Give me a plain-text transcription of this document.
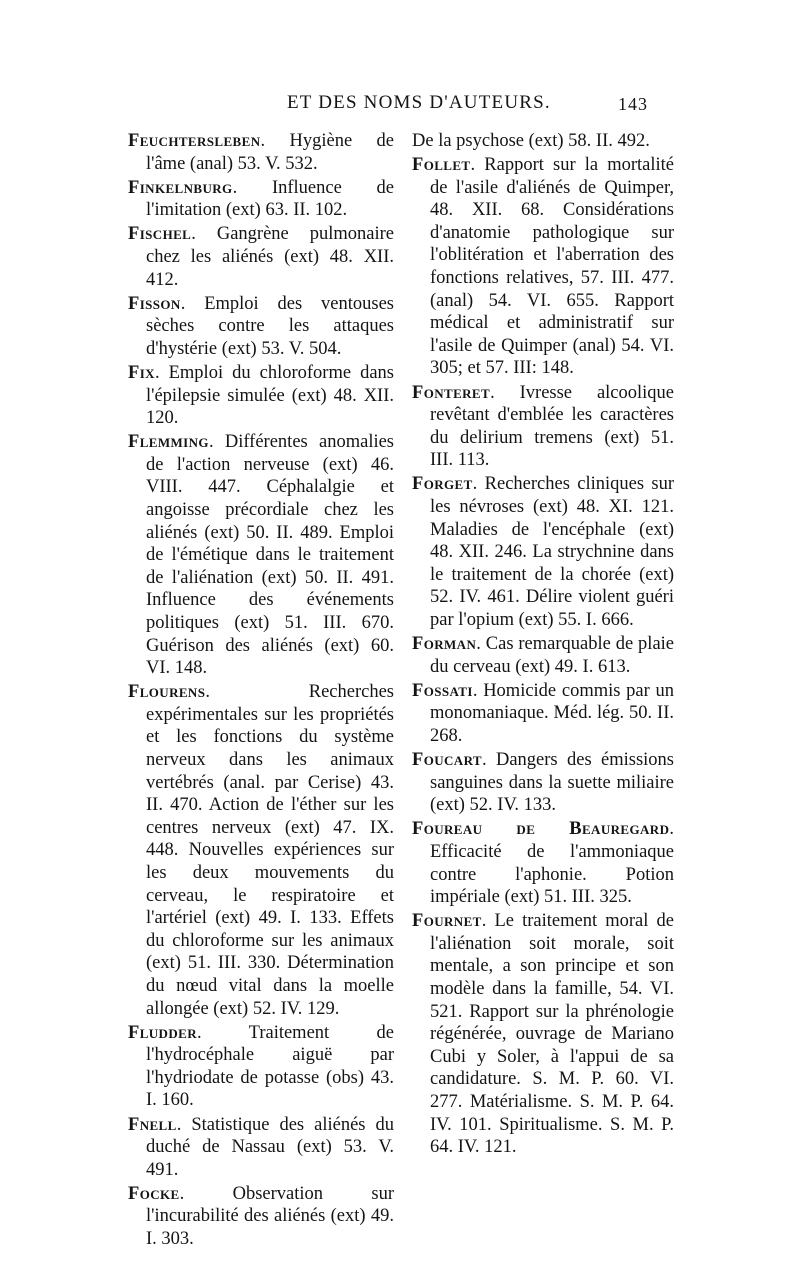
ET DES NOMS D'AUTEURS.	143

Feuchtersleben. Hygiène de l'âme (anal) 53. V. 532.

Finkelnburg. Influence de l'imitation (ext) 63. II. 102.

Fischel. Gangrène pulmonaire chez les aliénés (ext) 48. XII. 412.

Fisson. Emploi des ventouses sèches contre les attaques d'hystérie (ext) 53. V. 504.

Fix. Emploi du chloroforme dans l'épilepsie simulée (ext) 48. XII. 120.

Flemming. Différentes anomalies de l'action nerveuse (ext) 46. VIII. 447. Céphalalgie et angoisse précordiale chez les aliénés (ext) 50. II. 489. Emploi de l'émétique dans le traitement de l'aliénation (ext) 50. II. 491. Influence des événements politiques (ext) 51. III. 670. Guérison des aliénés (ext) 60. VI. 148.

Flourens. Recherches expérimentales sur les propriétés et les fonctions du système nerveux dans les animaux vertébrés (anal. par Cerise) 43. II. 470. Action de l'éther sur les centres nerveux (ext) 47. IX. 448. Nouvelles expériences sur les deux mouvements du cerveau, le respiratoire et l'artériel (ext) 49. I. 133. Effets du chloroforme sur les animaux (ext) 51. III. 330. Détermination du nœud vital dans la moelle allongée (ext) 52. IV. 129.

Fludder. Traitement de l'hydrocéphale aiguë par l'hydriodate de potasse (obs) 43. I. 160.

Fnell. Statistique des aliénés du duché de Nassau (ext) 53. V. 491.

Focke. Observation sur l'incurabilité des aliénés (ext) 49. I. 303.

De la psychose (ext) 58. II. 492.

Follet. Rapport sur la mortalité de l'asile d'aliénés de Quimper, 48. XII. 68. Considérations d'anatomie pathologique sur l'oblitération et l'aberration des fonctions relatives, 57. III. 477. (anal) 54. VI. 655. Rapport médical et administratif sur l'asile de Quimper (anal) 54. VI. 305; et 57. III: 148.

Fonteret. Ivresse alcoolique revêtant d'emblée les caractères du delirium tremens (ext) 51. III. 113.

Forget. Recherches cliniques sur les névroses (ext) 48. XI. 121. Maladies de l'encéphale (ext) 48. XII. 246. La strychnine dans le traitement de la chorée (ext) 52. IV. 461. Délire violent guéri par l'opium (ext) 55. I. 666.

Forman. Cas remarquable de plaie du cerveau (ext) 49. I. 613.

Fossati. Homicide commis par un monomaniaque. Méd. lég. 50. II. 268.

Foucart. Dangers des émissions sanguines dans la suette miliaire (ext) 52. IV. 133.

Foureau de Beauregard. Efficacité de l'ammoniaque contre l'aphonie. Potion impériale (ext) 51. III. 325.

Fournet. Le traitement moral de l'aliénation soit morale, soit mentale, a son principe et son modèle dans la famille, 54. VI. 521. Rapport sur la phrénologie régénérée, ouvrage de Mariano Cubi y Soler, à l'appui de sa candidature. S. M. P. 60. VI. 277. Matérialisme. S. M. P. 64. IV. 101. Spiritualisme. S. M. P. 64. IV. 121.
